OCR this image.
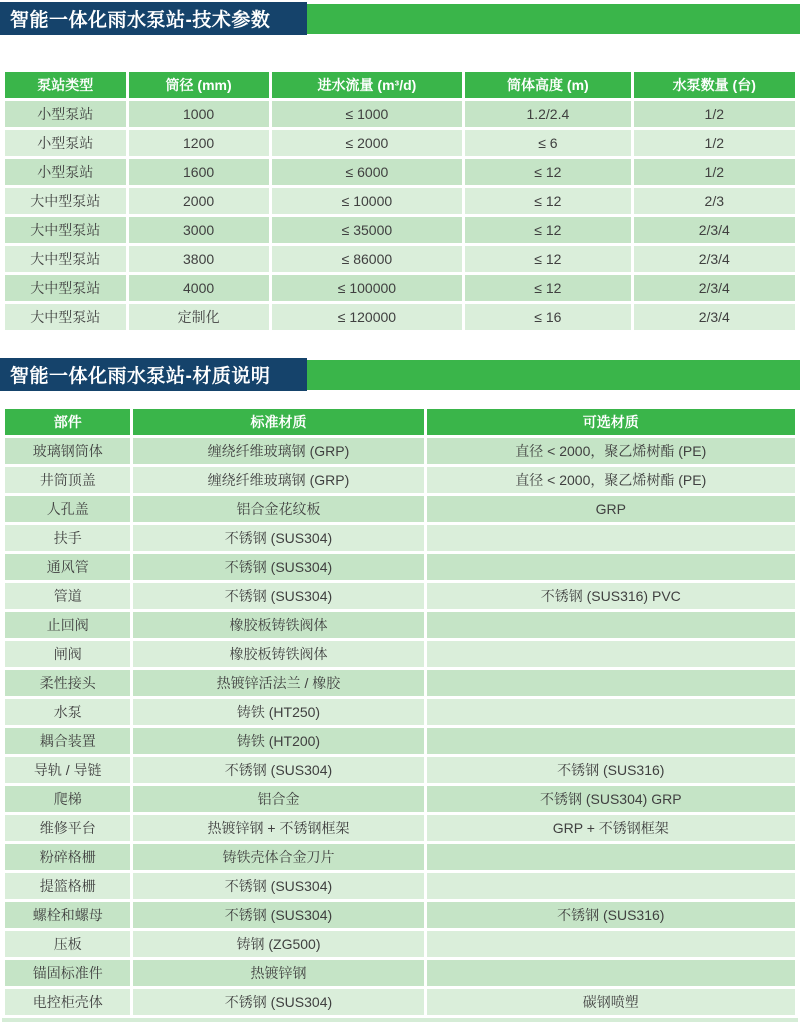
智能一体化雨水泵站-技术参数
泵站类型	筒径 (mm)	进水流量 (m³/d)	筒体高度 (m)	水泵数量 (台)
小型泵站	1000	≤ 1000	1.2/2.4	1/2
小型泵站	1200	≤ 2000	≤ 6	1/2
小型泵站	1600	≤ 6000	≤ 12	1/2
大中型泵站	2000	≤ 10000	≤ 12	2/3
大中型泵站	3000	≤ 35000	≤ 12	2/3/4
大中型泵站	3800	≤ 86000	≤ 12	2/3/4
大中型泵站	4000	≤ 100000	≤ 12	2/3/4
大中型泵站	定制化	≤ 120000	≤ 16	2/3/4
智能一体化雨水泵站-材质说明
部件	标准材质	可选材质
玻璃钢筒体	缠绕纤维玻璃钢 (GRP)	直径 < 2000，聚乙烯树酯 (PE)
井筒顶盖	缠绕纤维玻璃钢 (GRP)	直径 < 2000，聚乙烯树酯 (PE)
人孔盖	铝合金花纹板	GRP
扶手	不锈钢 (SUS304)	
通风管	不锈钢 (SUS304)	
管道	不锈钢 (SUS304)	不锈钢 (SUS316) PVC
止回阀	橡胶板铸铁阀体	
闸阀	橡胶板铸铁阀体	
柔性接头	热镀锌活法兰 / 橡胶	
水泵	铸铁 (HT250)	
耦合装置	铸铁 (HT200)	
导轨 / 导链	不锈钢 (SUS304)	不锈钢 (SUS316)
爬梯	铝合金	不锈钢 (SUS304) GRP
维修平台	热镀锌钢 + 不锈钢框架	GRP + 不锈钢框架
粉碎格栅	铸铁壳体合金刀片	
提篮格栅	不锈钢 (SUS304)	
螺栓和螺母	不锈钢 (SUS304)	不锈钢 (SUS316)
压板	铸钢 (ZG500)	
锚固标准件	热镀锌钢	
电控柜壳体	不锈钢 (SUS304)	碳钢喷塑
